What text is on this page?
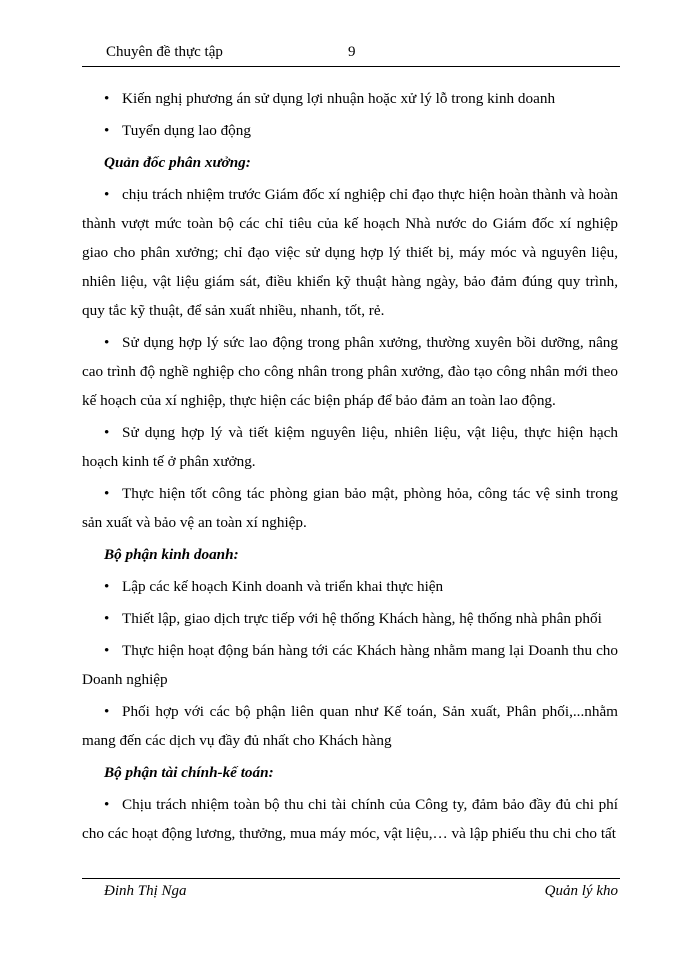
Chuyên đề thực tập	9

• Kiến nghị phương án sử dụng lợi nhuận hoặc xử lý lỗ trong kinh doanh

• Tuyển dụng lao động

Quản đốc phân xưởng:

• chịu trách nhiệm trước Giám đốc xí nghiệp chỉ đạo thực hiện hoàn thành và hoàn thành vượt mức toàn bộ các chỉ tiêu của kế hoạch Nhà nước do Giám đốc xí nghiệp giao cho phân xưởng; chỉ đạo việc sử dụng hợp lý thiết bị, máy móc và nguyên liệu, nhiên liệu, vật liệu giám sát, điều khiển kỹ thuật hàng ngày, bảo đảm đúng quy trình, quy tắc kỹ thuật, để sản xuất nhiều, nhanh, tốt, rẻ.

• Sử dụng hợp lý sức lao động trong phân xưởng, thường xuyên bồi dưỡng, nâng cao trình độ nghề nghiệp cho công nhân trong phân xưởng, đào tạo công nhân mới theo kế hoạch của xí nghiệp, thực hiện các biện pháp để bảo đảm an toàn lao động.

• Sử dụng hợp lý và tiết kiệm nguyên liệu, nhiên liệu, vật liệu, thực hiện hạch hoạch kinh tế ở phân xưởng.

• Thực hiện tốt công tác phòng gian bảo mật, phòng hỏa, công tác vệ sinh trong sản xuất và bảo vệ an toàn xí nghiệp.

Bộ phận kinh doanh:

• Lập các kế hoạch Kinh doanh và triển khai thực hiện

• Thiết lập, giao dịch trực tiếp với hệ thống Khách hàng, hệ thống nhà phân phối

• Thực hiện hoạt động bán hàng tới các Khách hàng nhằm mang lại Doanh thu cho Doanh nghiệp

• Phối hợp với các bộ phận liên quan như Kế toán, Sản xuất, Phân phối,...nhằm mang đến các dịch vụ đầy đủ nhất cho Khách hàng

Bộ phận tài chính-kế toán:

• Chịu trách nhiệm toàn bộ thu chi tài chính của Công ty, đảm bảo đầy đủ chi phí cho các hoạt động lương, thưởng, mua máy móc, vật liệu,… và lập phiếu thu chi cho tất

Đinh Thị Nga	Quản lý kho
